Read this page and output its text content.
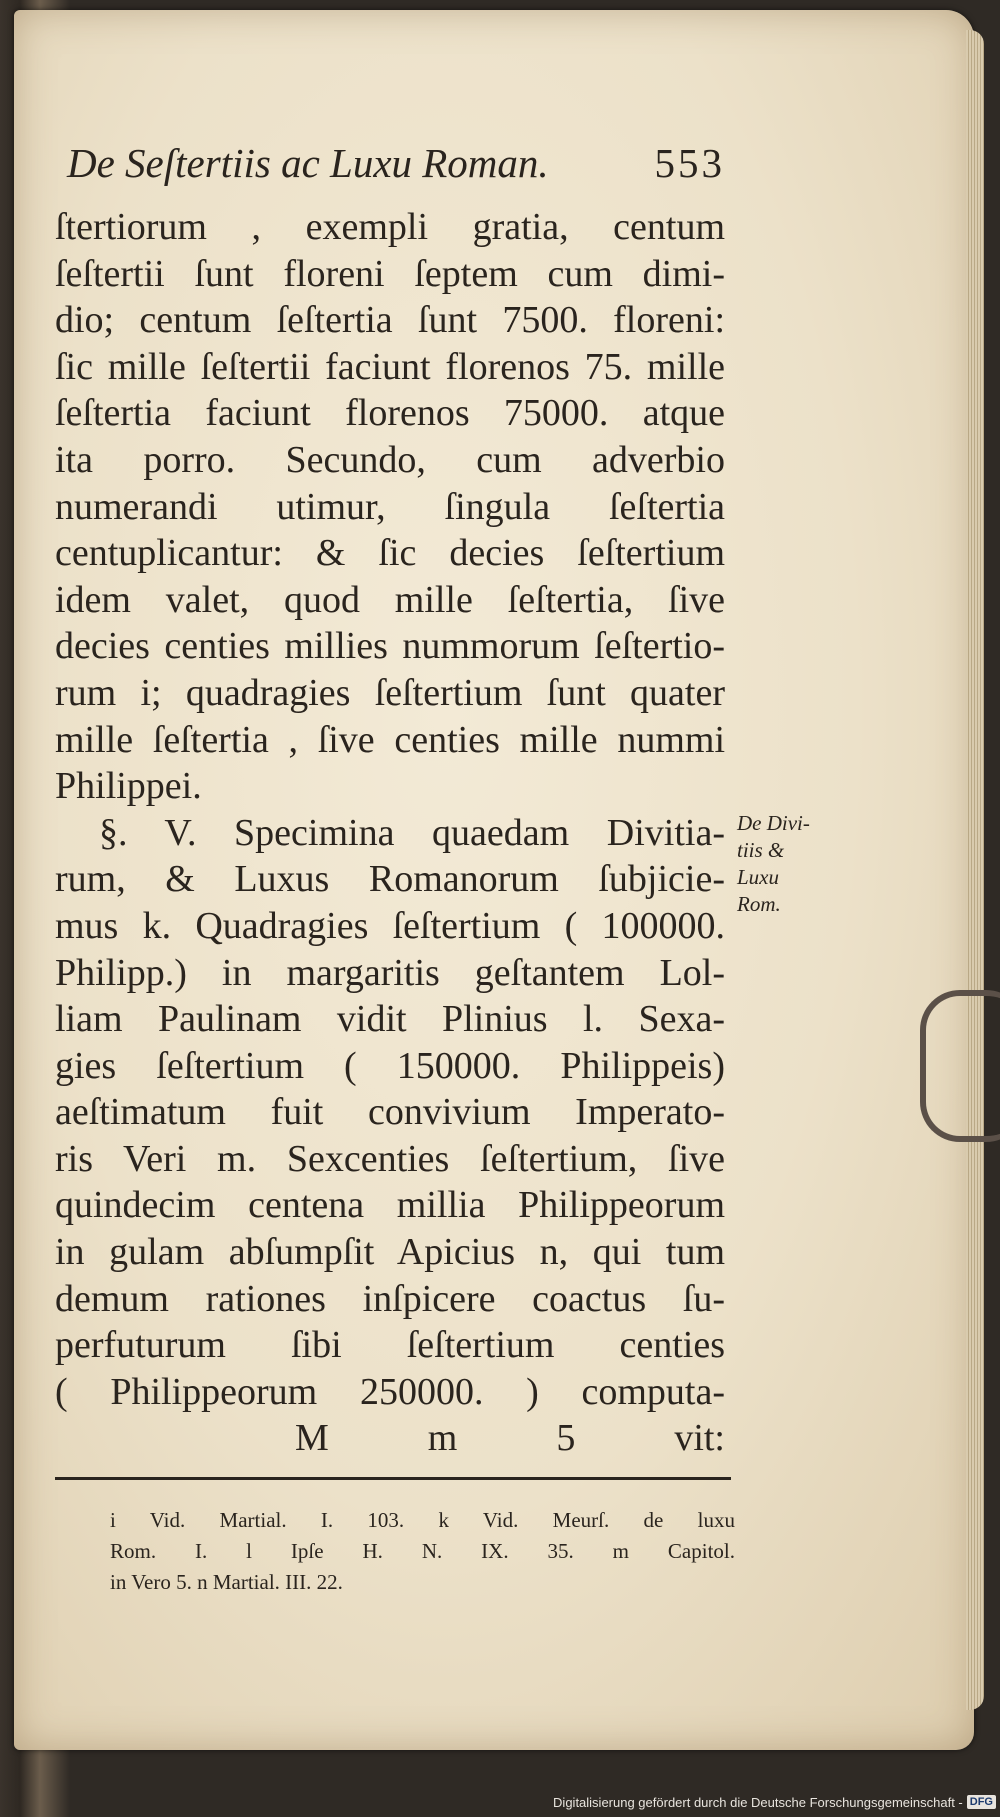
De Seſtertiis ac Luxu Roman.	553
ſtertiorum , exempli gratia, centum
ſeſtertii ſunt floreni ſeptem cum dimi-
dio; centum ſeſtertia ſunt 7500. floreni:
ſic mille ſeſtertii faciunt florenos 75. mille
ſeſtertia faciunt florenos 75000. atque
ita porro. Secundo, cum adverbio
numerandi utimur, ſingula ſeſtertia
centuplicantur: & ſic decies ſeſtertium
idem valet, quod mille ſeſtertia, ſive
decies centies millies nummorum ſeſtertio-
rum i; quadragies ſeſtertium ſunt quater
mille ſeſtertia , ſive centies mille nummi
Philippei.
§. V. Specimina quaedam Divitia-
rum, & Luxus Romanorum ſubjicie-
mus k. Quadragies ſeſtertium ( 100000.
Philipp.) in margaritis geſtantem Lol-
liam Paulinam vidit Plinius l. Sexa-
gies ſeſtertium ( 150000. Philippeis)
aeſtimatum fuit convivium Imperato-
ris Veri m. Sexcenties ſeſtertium, ſive
quindecim centena millia Philippeorum
in gulam abſumpſit Apicius n, qui tum
demum rationes inſpicere coactus ſu-
perfuturum ſibi ſeſtertium centies
( Philippeorum 250000. ) computa-
M m 5	vit:
De Divi-
tiis &
Luxu
Rom.
i Vid. Martial. I. 103. k Vid. Meurſ. de luxu
Rom. I. l Ipſe H. N. IX. 35. m Capitol.
in Vero 5. n Martial. III. 22.
Digitalisierung gefördert durch die Deutsche Forschungsgemeinschaft - DFG
